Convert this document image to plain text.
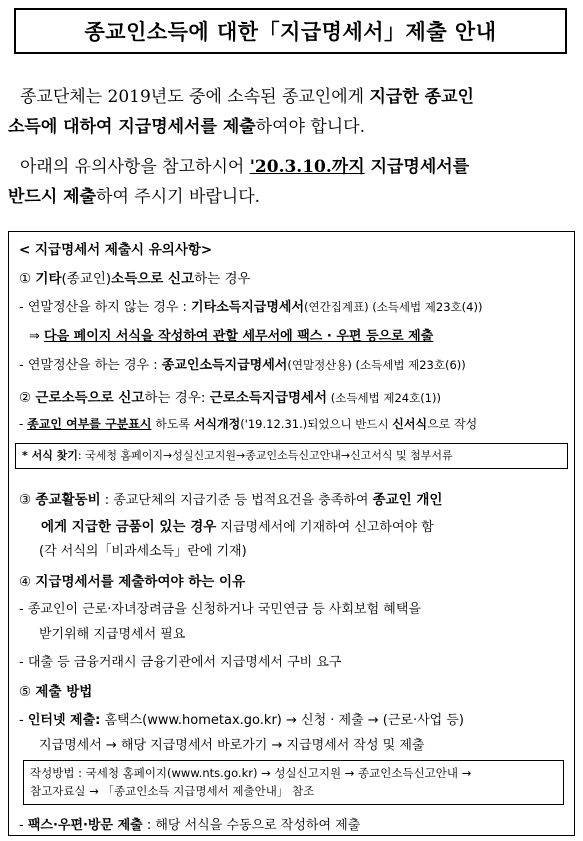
종교인소득에 대한「지급명세서」제출 안내
종교단체는 2019년도 중에 소속된 종교인에게 지급한 종교인
소득에 대하여 지급명세서를 제출하여야 합니다.
아래의 유의사항을 참고하시어 '20.3.10.까지 지급명세서를
반드시 제출하여 주시기 바랍니다.
< 지급명세서 제출시 유의사항>
① 기타(종교인)소득으로 신고하는 경우
- 연말정산을 하지 않는 경우 : 기타소득지급명세서(연간집계표) (소득세법 제23호(4))
⇒ 다음 페이지 서식을 작성하여 관할 세무서에 팩스 · 우편 등으로 제출
- 연말정산을 하는 경우 : 종교인소득지급명세서(연말정산용) (소득세법 제23호(6))
② 근로소득으로 신고하는 경우: 근로소득지급명세서 (소득세법 제24호(1))
- 종교인 여부를 구분표시 하도록 서식개정('19.12.31.)되었으니 반드시 신서식으로 작성
* 서식 찾기: 국세청 홈페이지→성실신고지원→종교인소득신고안내→신고서식 및 첨부서류
③ 종교활동비 : 종교단체의 지급기준 등 법적요건을 충족하여 종교인 개인
에게 지급한 금품이 있는 경우 지급명세서에 기재하여 신고하여야 함
(각 서식의「비과세소득」란에 기재)
④ 지급명세서를 제출하여야 하는 이유
- 종교인이 근로·자녀장려금을 신청하거나 국민연금 등 사회보험 혜택을
받기위해 지급명세서 필요
- 대출 등 금융거래시 금융기관에서 지급명세서 구비 요구
⑤ 제출 방법
- 인터넷 제출: 홈택스(www.hometax.go.kr) → 신청 · 제출 → (근로·사업 등)
지급명세서 → 해당 지급명세서 바로가기 → 지급명세서 작성 및 제출
작성방법 : 국세청 홈페이지(www.nts.go.kr) → 성실신고지원 → 종교인소득신고안내 →
참고자료실 → 「종교인소득 지급명세서 제출안내」 참조
- 팩스·우편·방문 제출 : 해당 서식을 수동으로 작성하여 제출
